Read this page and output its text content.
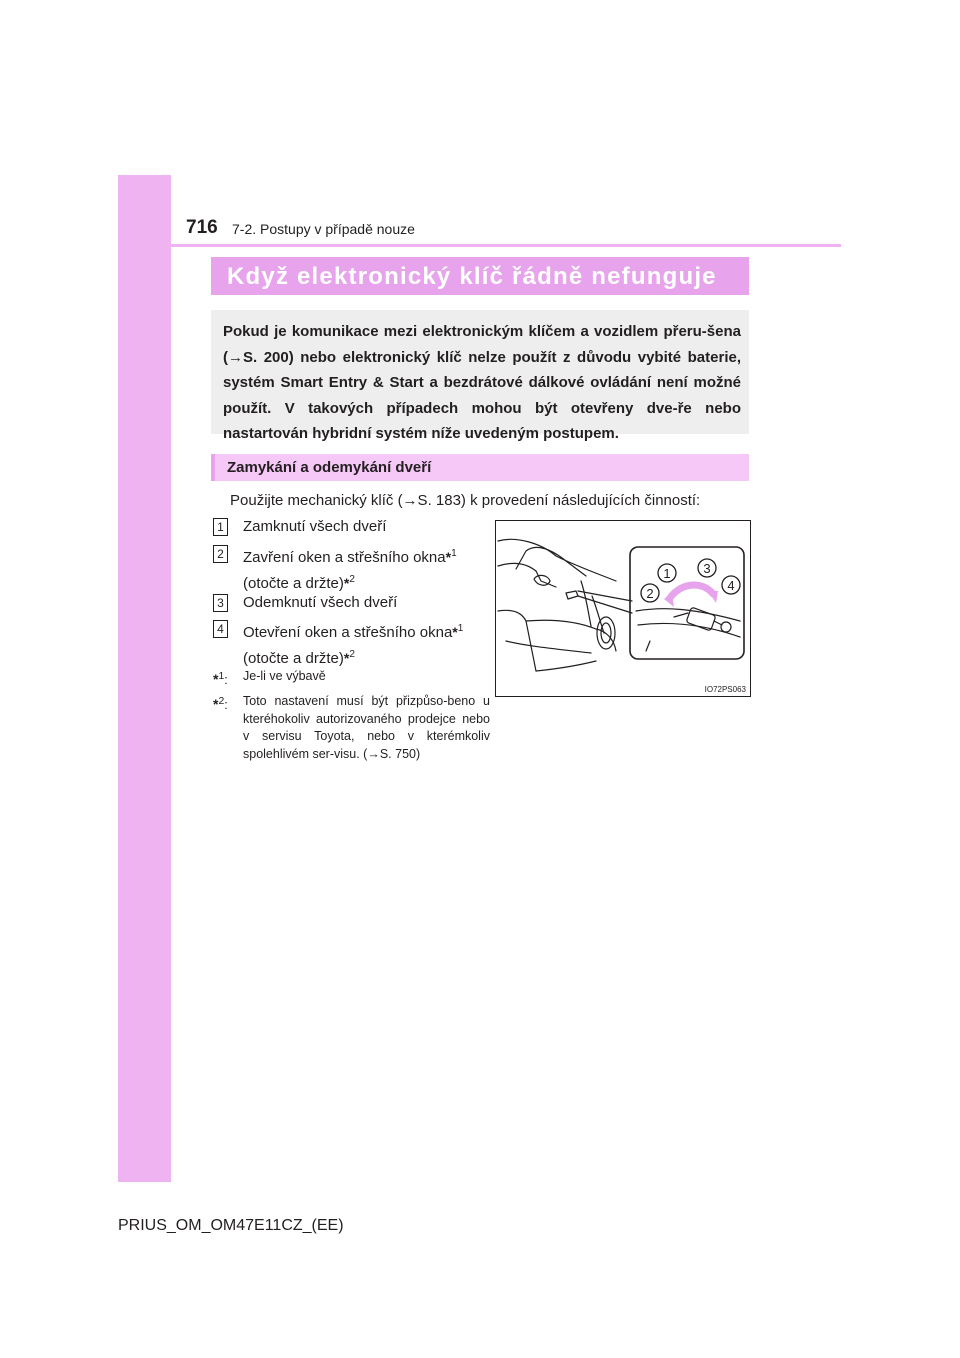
716 7-2. Postupy v případě nouze
Když elektronický klíč řádně nefunguje

Pokud je komunikace mezi elektronickým klíčem a vozidlem přeru-šena (→S. 200) nebo elektronický klíč nelze použít z důvodu vybité baterie, systém Smart Entry & Start a bezdrátové dálkové ovládání není možné použít. V takových případech mohou být otevřeny dve-ře nebo nastartován hybridní systém níže uvedeným postupem.

Zamykání a odemykání dveří
Použijte mechanický klíč (→S. 183) k provedení následujících činností:
1 Zamknutí všech dveří
2 Zavření oken a střešního okna*$^1$
(otočte a držte)*$^2$
3 Odemknutí všech dveří
4 Otevření oken a střešního okna*$^1$
(otočte a držte)*$^2$
*$^1$: Je-li ve výbavě
*$^2$: Toto nastavení musí být přizpůso-beno u kteréhokoliv autorizovaného prodejce nebo v servisu Toyota, nebo v kterémkoliv spolehlivém ser-visu. (→S. 750)
1
2
3
4
IO72PS063
PRIUS_OM_OM47E11CZ_(EE)
